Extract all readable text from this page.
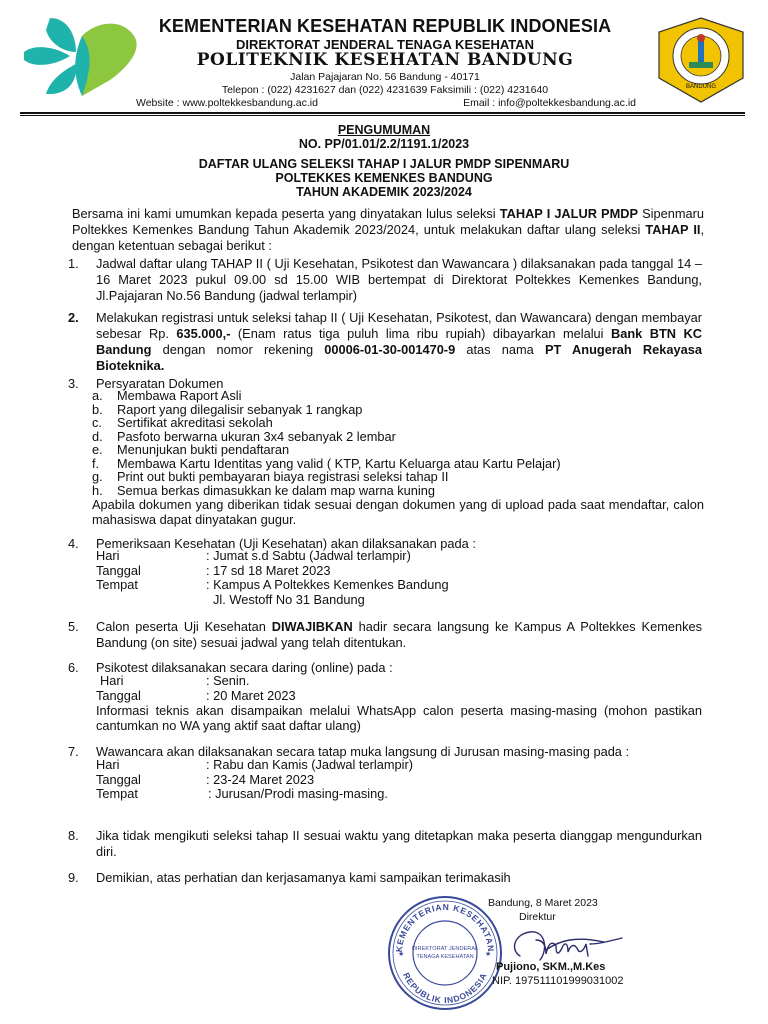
KEMENTERIAN KESEHATAN REPUBLIK INDONESIA
DIREKTORAT JENDERAL TENAGA KESEHATAN
POLITEKNIK KESEHATAN BANDUNG
Jalan Pajajaran No. 56 Bandung - 40171
Telepon : (022) 4231627 dan (022) 4231639 Faksimili : (022) 4231640
Website : www.poltekkesbandung.ac.id	Email : info@poltekkesbandung.ac.id
BANDUNG
PENGUMUMAN
NO. PP/01.01/2.2/1191.1/2023
DAFTAR ULANG SELEKSI TAHAP I JALUR PMDP SIPENMARU
POLTEKKES KEMENKES BANDUNG
TAHUN AKADEMIK 2023/2024
Bersama ini kami umumkan kepada peserta yang dinyatakan lulus seleksi TAHAP I JALUR PMDP Sipenmaru Poltekkes Kemenkes Bandung Tahun Akademik 2023/2024, untuk melakukan daftar ulang seleksi TAHAP II, dengan ketentuan sebagai berikut :
1. Jadwal daftar ulang TAHAP II ( Uji Kesehatan, Psikotest dan Wawancara ) dilaksanakan pada tanggal 14 – 16 Maret 2023 pukul 09.00 sd 15.00 WIB bertempat di Direktorat Poltekkes Kemenkes Bandung, Jl.Pajajaran No.56 Bandung (jadwal terlampir)
2. Melakukan registrasi untuk seleksi tahap II ( Uji Kesehatan, Psikotest, dan Wawancara) dengan membayar sebesar Rp. 635.000,- (Enam ratus tiga puluh lima ribu rupiah) dibayarkan melalui Bank BTN KC Bandung dengan nomor rekening 00006-01-30-001470-9 atas nama PT Anugerah Rekayasa Bioteknika.
3. Persyaratan Dokumen
a.	Membawa Raport Asli
b.	Raport yang dilegalisir sebanyak 1 rangkap
c.	Sertifikat akreditasi sekolah
d.	Pasfoto berwarna ukuran 3x4 sebanyak 2 lembar
e.	Menunjukan bukti pendaftaran
f.	Membawa Kartu Identitas yang valid ( KTP, Kartu Keluarga atau Kartu Pelajar)
g.	Print out bukti pembayaran biaya registrasi seleksi tahap II
h.	Semua berkas dimasukkan ke dalam map warna kuning
Apabila dokumen yang diberikan tidak sesuai dengan dokumen yang di upload pada saat mendaftar, calon mahasiswa dapat dinyatakan gugur.
4. Pemeriksaan Kesehatan (Uji Kesehatan) akan dilaksanakan pada :
Hari	: Jumat s.d Sabtu (Jadwal terlampir)
Tanggal	: 17 sd 18 Maret 2023
Tempat	: Kampus A Poltekkes Kemenkes Bandung
Jl. Westoff No 31 Bandung
5. Calon peserta Uji Kesehatan DIWAJIBKAN hadir secara langsung ke Kampus A Poltekkes Kemenkes Bandung (on site) sesuai jadwal yang telah ditentukan.
6. Psikotest dilaksanakan secara daring (online) pada :
Hari	: Senin.
Tanggal	: 20 Maret 2023
Informasi teknis akan disampaikan melalui WhatsApp calon peserta masing-masing (mohon pastikan cantumkan no WA yang aktif saat daftar ulang)
7. Wawancara akan dilaksanakan secara tatap muka langsung di Jurusan masing-masing pada :
Hari	: Rabu dan Kamis (Jadwal terlampir)
Tanggal	: 23-24 Maret 2023
Tempat	: Jurusan/Prodi masing-masing.
8. Jika tidak mengikuti seleksi tahap II sesuai waktu yang ditetapkan maka peserta dianggap mengundurkan diri.
9. Demikian, atas perhatian dan kerjasamanya kami sampaikan terimakasih
KEMENTERIAN KESEHATAN
REPUBLIK INDONESIA
DIREKTORAT JENDERAL
TENAGA KESEHATAN
★	★
Bandung, 8 Maret 2023
Direktur
Pujiono, SKM.,M.Kes
NIP. 197511101999031002
